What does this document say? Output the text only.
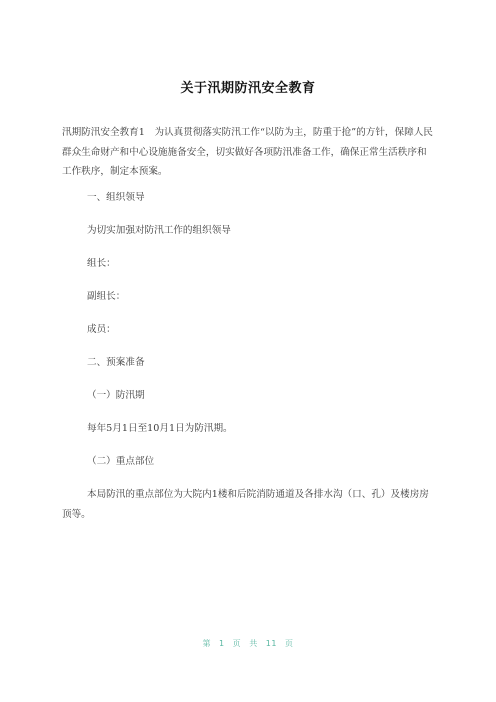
关于汛期防汛安全教育

汛期防汛安全教育1　为认真贯彻落实防汛工作“以防为主，防重于抢”的方针，保障人民群众生命财产和中心设施施备安全，切实做好各项防汛准备工作，确保正常生活秩序和工作秩序，制定本预案。

一、组织领导

为切实加强对防汛工作的组织领导

组长：

副组长：

成员：

二、预案准备

（一）防汛期

每年5月1日至10月1日为防汛期。

（二）重点部位

本局防汛的重点部位为大院内1楼和后院消防通道及各排水沟（口、孔）及楼房房顶等。

第 1 页 共 11 页
